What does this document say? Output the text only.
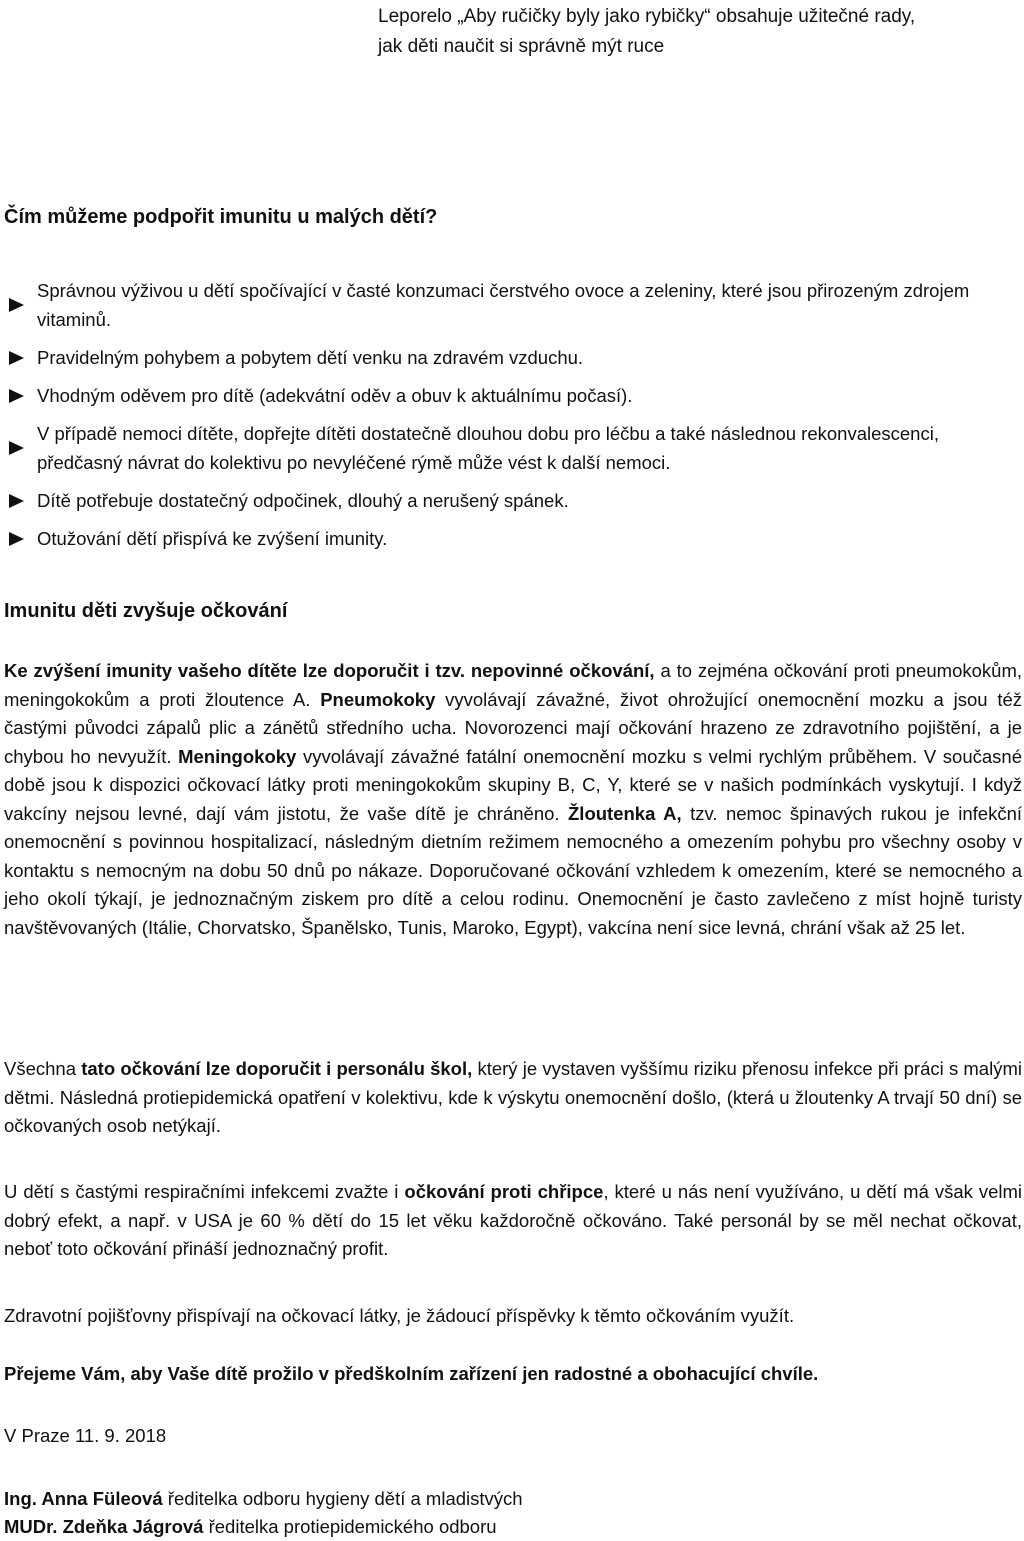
Leporelo „Aby ručičky byly jako rybičky“ obsahuje užitečné rady,
jak děti naučit si správně mýt ruce
Čím můžeme podpořit imunitu u malých dětí?
Správnou výživou u dětí spočívající v časté konzumaci čerstvého ovoce a zeleniny, které jsou přirozeným zdrojem vitaminů.
Pravidelným pohybem a pobytem dětí venku na zdravém vzduchu.
Vhodným oděvem pro dítě (adekvátní oděv a obuv k aktuálnímu počasí).
V případě nemoci dítěte, dopřejte dítěti dostatečně dlouhou dobu pro léčbu a také následnou rekonvalescenci, předčasný návrat do kolektivu po nevyléčené rýmě může vést k další nemoci.
Dítě potřebuje dostatečný odpočinek, dlouhý a nerušený spánek.
Otužování dětí přispívá ke zvýšení imunity.
Imunitu děti zvyšuje očkování

Ke zvýšení imunity vašeho dítěte lze doporučit i tzv. nepovinné očkování, a to zejména očkování proti pneumokokům, meningokokům a proti žloutence A. Pneumokoky vyvolávají závažné, život ohrožující onemocnění mozku a jsou též častými původci zápalů plic a zánětů středního ucha. Novorozenci mají očkování hrazeno ze zdravotního pojištění, a je chybou ho nevyužít. Meningokoky vyvolávají závažné fatální onemocnění mozku s velmi rychlým průběhem. V současné době jsou k dispozici očkovací látky proti meningokokům skupiny B, C, Y, které se v našich podmínkách vyskytují. I když vakcíny nejsou levné, dají vám jistotu, že vaše dítě je chráněno. Žloutenka A, tzv. nemoc špinavých rukou je infekční onemocnění s povinnou hospitalizací, následným dietním režimem nemocného a omezením pohybu pro všechny osoby v kontaktu s nemocným na dobu 50 dnů po nákaze. Doporučované očkování vzhledem k omezením, které se nemocného a jeho okolí týkají, je jednoznačným ziskem pro dítě a celou rodinu. Onemocnění je často zavlečeno z míst hojně turisty navštěvovaných (Itálie, Chorvatsko, Španělsko, Tunis, Maroko, Egypt), vakcína není sice levná, chrání však až 25 let.

Všechna tato očkování lze doporučit i personálu škol, který je vystaven vyššímu riziku přenosu infekce při práci s malými dětmi. Následná protiepidemická opatření v kolektivu, kde k výskytu onemocnění došlo, (která u žloutenky A trvají 50 dní) se očkovaných osob netýkají.

U dětí s častými respiračními infekcemi zvažte i očkování proti chřipce, které u nás není využíváno, u dětí má však velmi dobrý efekt, a např. v USA je 60 % dětí do 15 let věku každoročně očkováno. Také personál by se měl nechat očkovat, neboť toto očkování přináší jednoznačný profit.

Zdravotní pojišťovny přispívají na očkovací látky, je žádoucí příspěvky k těmto očkováním využít.

Přejeme Vám, aby Vaše dítě prožilo v předškolním zařízení jen radostné a obohacující chvíle.

V Praze 11. 9. 2018

Ing. Anna Füleová ředitelka odboru hygieny dětí a mladistvých
MUDr. Zdeňka Jágrová ředitelka protiepidemického odboru
